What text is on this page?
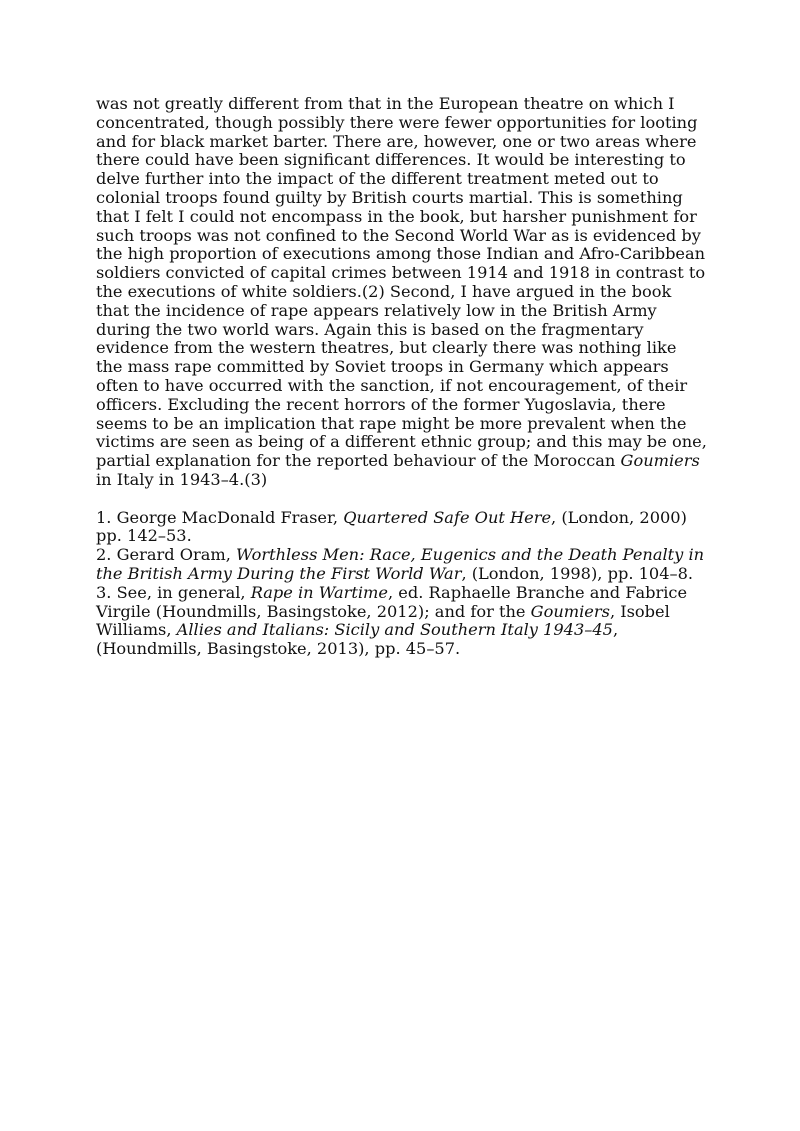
was not greatly different from that in the European theatre on which I concentrated, though possibly there were fewer opportunities for looting and for black market barter. There are, however, one or two areas where there could have been significant differences. It would be interesting to delve further into the impact of the different treatment meted out to colonial troops found guilty by British courts martial. This is something that I felt I could not encompass in the book, but harsher punishment for such troops was not confined to the Second World War as is evidenced by the high proportion of executions among those Indian and Afro-Caribbean soldiers convicted of capital crimes between 1914 and 1918 in contrast to the executions of white soldiers.(2) Second, I have argued in the book that the incidence of rape appears relatively low in the British Army during the two world wars. Again this is based on the fragmentary evidence from the western theatres, but clearly there was nothing like the mass rape committed by Soviet troops in Germany which appears often to have occurred with the sanction, if not encouragement, of their officers. Excluding the recent horrors of the former Yugoslavia, there seems to be an implication that rape might be more prevalent when the victims are seen as being of a different ethnic group; and this may be one, partial explanation for the reported behaviour of the Moroccan Goumiers in Italy in 1943–4.(3)

1. George MacDonald Fraser, Quartered Safe Out Here, (London, 2000) pp. 142–53.

2. Gerard Oram, Worthless Men: Race, Eugenics and the Death Penalty in the British Army During the First World War, (London, 1998), pp. 104–8.

3. See, in general, Rape in Wartime, ed. Raphaelle Branche and Fabrice Virgile (Houndmills, Basingstoke, 2012); and for the Goumiers, Isobel Williams, Allies and Italians: Sicily and Southern Italy 1943–45, (Houndmills, Basingstoke, 2013), pp. 45–57.
